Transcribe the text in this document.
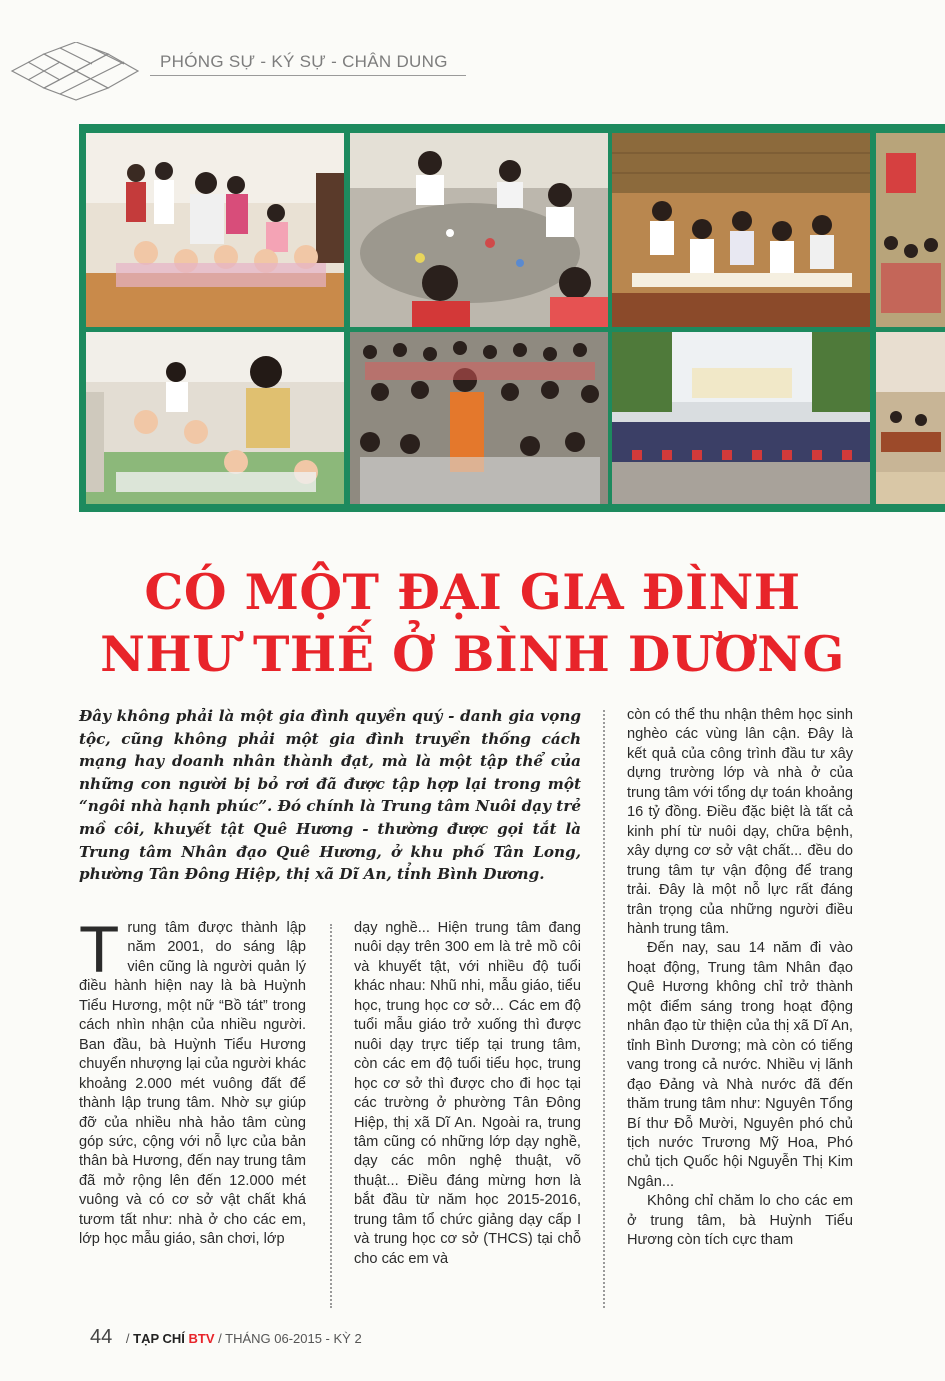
PHÓNG SỰ - KÝ SỰ - CHÂN DUNG
CÓ MỘT ĐẠI GIA ĐÌNH
NHƯ THẾ Ở BÌNH DƯƠNG
Đây không phải là một gia đình quyền quý - danh gia vọng tộc, cũng không phải một gia đình truyền thống cách mạng hay doanh nhân thành đạt, mà là một tập thể của những con người bị bỏ rơi đã được tập hợp lại trong một “ngôi nhà hạnh phúc”. Đó chính là Trung tâm Nuôi dạy trẻ mồ côi, khuyết tật Quê Hương - thường được gọi tắt là Trung tâm Nhân đạo Quê Hương, ở khu phố Tân Long, phường Tân Đông Hiệp, thị xã Dĩ An, tỉnh Bình Dương.

Trung tâm được thành lập năm 2001, do sáng lập viên cũng là người quản lý điều hành hiện nay là bà Huỳnh Tiểu Hương, một nữ “Bồ tát” trong cách nhìn nhận của nhiều người. Ban đầu, bà Huỳnh Tiểu Hương chuyển nhượng lại của người khác khoảng 2.000 mét vuông đất để thành lập trung tâm. Nhờ sự giúp đỡ của nhiều nhà hảo tâm cùng góp sức, cộng với nỗ lực của bản thân bà Hương, đến nay trung tâm đã mở rộng lên đến 12.000 mét vuông và có cơ sở vật chất khá tươm tất như: nhà ở cho các em, lớp học mẫu giáo, sân chơi, lớp

dạy nghề... Hiện trung tâm đang nuôi dạy trên 300 em là trẻ mồ côi và khuyết tật, với nhiều độ tuổi khác nhau: Nhũ nhi, mẫu giáo, tiểu học, trung học cơ sở... Các em độ tuổi mẫu giáo trở xuống thì được nuôi dạy trực tiếp tại trung tâm, còn các em độ tuổi tiểu học, trung học cơ sở thì được cho đi học tại các trường ở phường Tân Đông Hiệp, thị xã Dĩ An. Ngoài ra, trung tâm cũng có những lớp dạy nghề, dạy các môn nghệ thuật, võ thuật... Điều đáng mừng hơn là bắt đầu từ năm học 2015-2016, trung tâm tổ chức giảng dạy cấp I và trung học cơ sở (THCS) tại chỗ cho các em và

còn có thể thu nhận thêm học sinh nghèo các vùng lân cận. Đây là kết quả của công trình đầu tư xây dựng trường lớp và nhà ở của trung tâm với tổng dự toán khoảng 16 tỷ đồng. Điều đặc biệt là tất cả kinh phí từ nuôi dạy, chữa bệnh, xây dựng cơ sở vật chất... đều do trung tâm tự vận động để trang trải. Đây là một nỗ lực rất đáng trân trọng của những người điều hành trung tâm.

Đến nay, sau 14 năm đi vào hoạt động, Trung tâm Nhân đạo Quê Hương không chỉ trở thành một điểm sáng trong hoạt động nhân đạo từ thiện của thị xã Dĩ An, tỉnh Bình Dương; mà còn có tiếng vang trong cả nước. Nhiều vị lãnh đạo Đảng và Nhà nước đã đến thăm trung tâm như: Nguyên Tổng Bí thư Đỗ Mười, Nguyên phó chủ tịch nước Trương Mỹ Hoa, Phó chủ tịch Quốc hội Nguyễn Thị Kim Ngân...

Không chỉ chăm lo cho các em ở trung tâm, bà Huỳnh Tiểu Hương còn tích cực tham

44 / TẠP CHÍ BTV / THÁNG 06-2015 - KỲ 2
